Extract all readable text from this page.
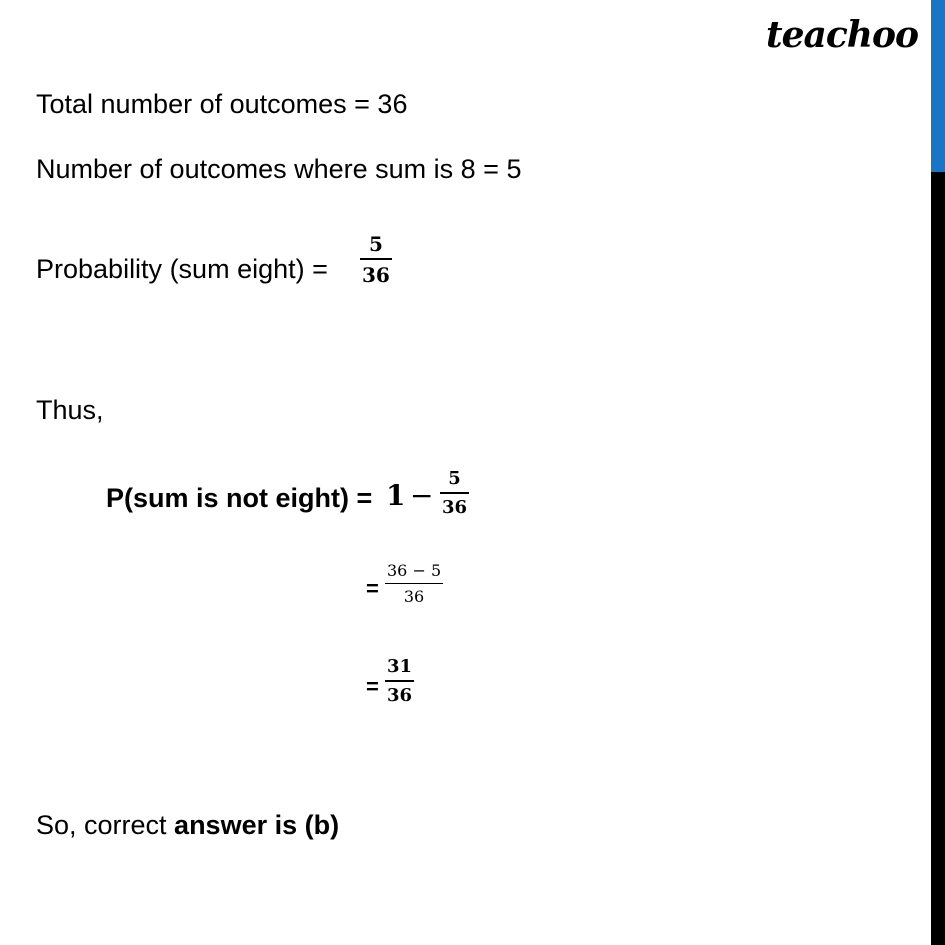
teachoo
Total number of outcomes = 36
Number of outcomes where sum is 8 = 5
Probability (sum eight) =
5
36
Thus,
P(sum is not eight) = 1 −
5
36
=
36 − 5
36
=
31
36
So, correct answer is (b)
